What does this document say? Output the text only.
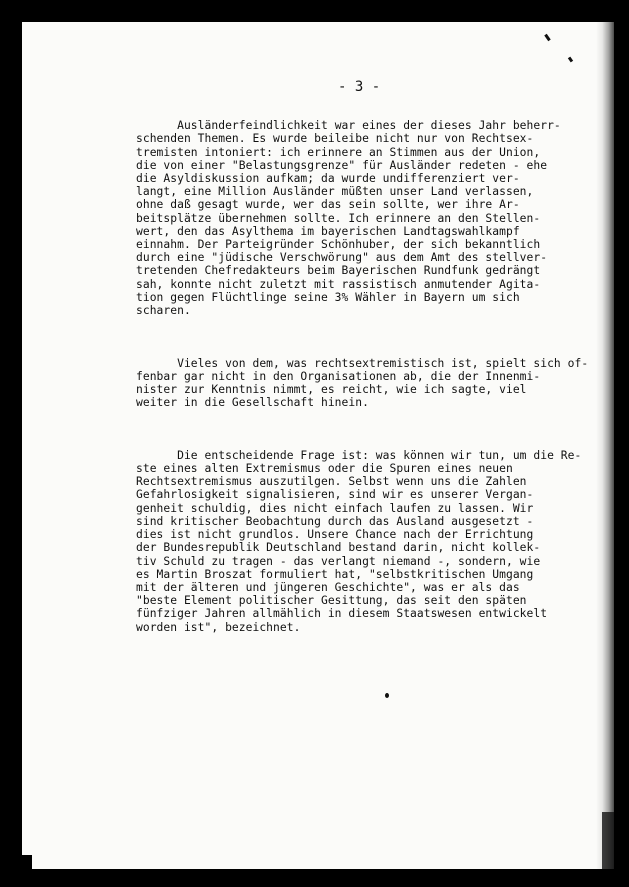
- 3 -

Ausländerfeindlichkeit war eines der dieses Jahr beherr-
schenden Themen. Es wurde beileibe nicht nur von Rechtsex-
tremisten intoniert: ich erinnere an Stimmen aus der Union,
die von einer "Belastungsgrenze" für Ausländer redeten - ehe
die Asyldiskussion aufkam; da wurde undifferenziert ver-
langt, eine Million Ausländer müßten unser Land verlassen,
ohne daß gesagt wurde, wer das sein sollte, wer ihre Ar-
beitsplätze übernehmen sollte. Ich erinnere an den Stellen-
wert, den das Asylthema im bayerischen Landtagswahlkampf
einnahm. Der Parteigründer Schönhuber, der sich bekanntlich
durch eine "jüdische Verschwörung" aus dem Amt des stellver-
tretenden Chefredakteurs beim Bayerischen Rundfunk gedrängt
sah, konnte nicht zuletzt mit rassistisch anmutender Agita-
tion gegen Flüchtlinge seine 3% Wähler in Bayern um sich
scharen.

Vieles von dem, was rechtsextremistisch ist, spielt sich of-
fenbar gar nicht in den Organisationen ab, die der Innenmi-
nister zur Kenntnis nimmt, es reicht, wie ich sagte, viel
weiter in die Gesellschaft hinein.

Die entscheidende Frage ist: was können wir tun, um die Re-
ste eines alten Extremismus oder die Spuren eines neuen
Rechtsextremismus auszutilgen. Selbst wenn uns die Zahlen
Gefahrlosigkeit signalisieren, sind wir es unserer Vergan-
genheit schuldig, dies nicht einfach laufen zu lassen. Wir
sind kritischer Beobachtung durch das Ausland ausgesetzt -
dies ist nicht grundlos. Unsere Chance nach der Errichtung
der Bundesrepublik Deutschland bestand darin, nicht kollek-
tiv Schuld zu tragen - das verlangt niemand -, sondern, wie
es Martin Broszat formuliert hat, "selbstkritischen Umgang
mit der älteren und jüngeren Geschichte", was er als das
"beste Element politischer Gesittung, das seit den späten
fünfziger Jahren allmählich in diesem Staatswesen entwickelt
worden ist", bezeichnet.
